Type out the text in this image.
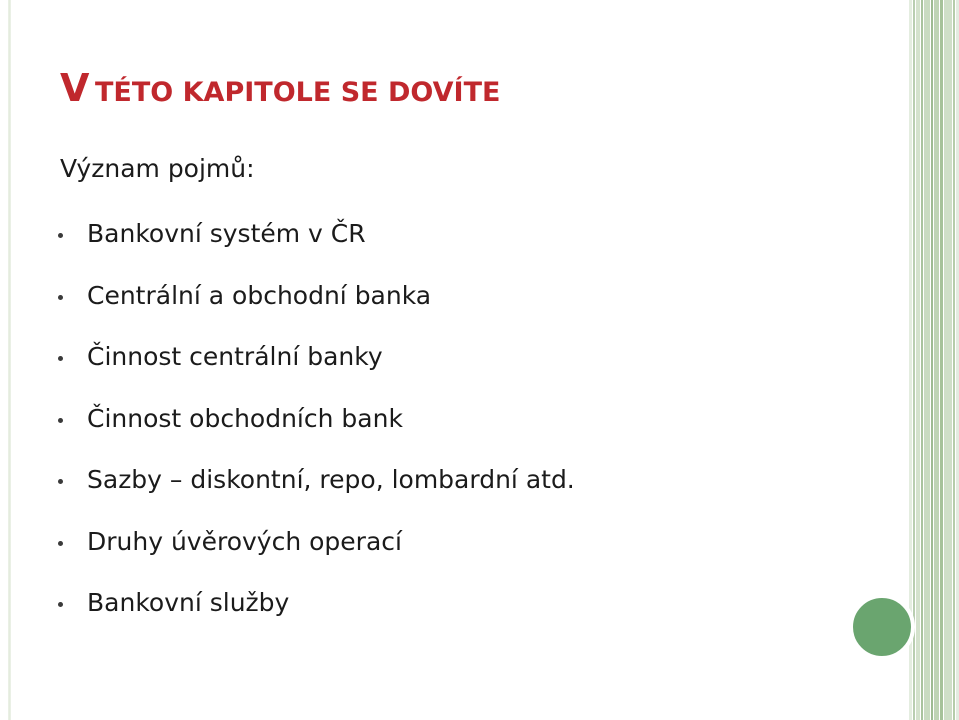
V TÉTO KAPITOLE SE DOVÍTE
Význam pojmů:
Bankovní systém v ČR
Centrální a obchodní banka
Činnost centrální banky
Činnost obchodních bank
Sazby – diskontní, repo, lombardní atd.
Druhy úvěrových operací
Bankovní služby
